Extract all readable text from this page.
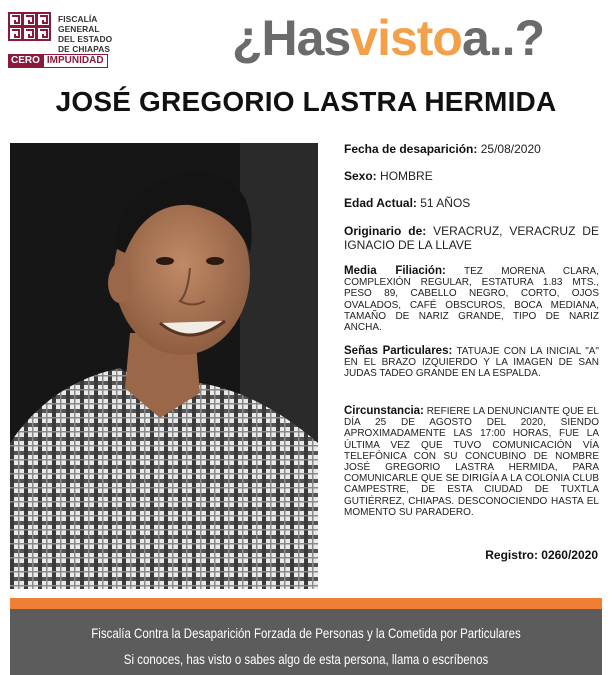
FISCALÍA GENERAL
DEL ESTADO
DE CHIAPAS
CERO IMPUNIDAD	¿Hasvistoa..?
JOSÉ GREGORIO LASTRA HERMIDA

Fecha de desaparición: 25/08/2020

Sexo: HOMBRE

Edad Actual: 51 AÑOS

Originario de: VERACRUZ, VERACRUZ DE IGNACIO DE LA LLAVE

Media Filiación: TEZ MORENA CLARA, COMPLEXIÓN REGULAR, ESTATURA 1.83 MTS., PESO 89, CABELLO NEGRO, CORTO, OJOS OVALADOS, CAFÉ OBSCUROS, BOCA MEDIANA, TAMAÑO DE NARIZ GRANDE, TIPO DE NARIZ ANCHA.

Señas Particulares: TATUAJE CON LA INICIAL "A" EN EL BRAZO IZQUIERDO Y LA IMAGEN DE SAN JUDAS TADEO GRANDE EN LA ESPALDA.

Circunstancia: REFIERE LA DENUNCIANTE QUE EL DÍA 25 DE AGOSTO DEL 2020, SIENDO APROXIMADAMENTE LAS 17:00 HORAS, FUE LA ÚLTIMA VEZ QUE TUVO COMUNICACIÓN VÍA TELEFÓNICA CON SU CONCUBINO DE NOMBRE JOSÉ GREGORIO LASTRA HERMIDA, PARA COMUNICARLE QUE SE DIRIGÍA A LA COLONIA CLUB CAMPESTRE, DE ESTA CIUDAD DE TUXTLA GUTIÉRREZ, CHIAPAS. DESCONOCIENDO HASTA EL MOMENTO SU PARADERO.

Registro: 0260/2020
Fiscalía Contra la Desaparición Forzada de Personas y la Cometida por Particulares
Si conoces, has visto o sabes algo de esta persona, llama o escríbenos
